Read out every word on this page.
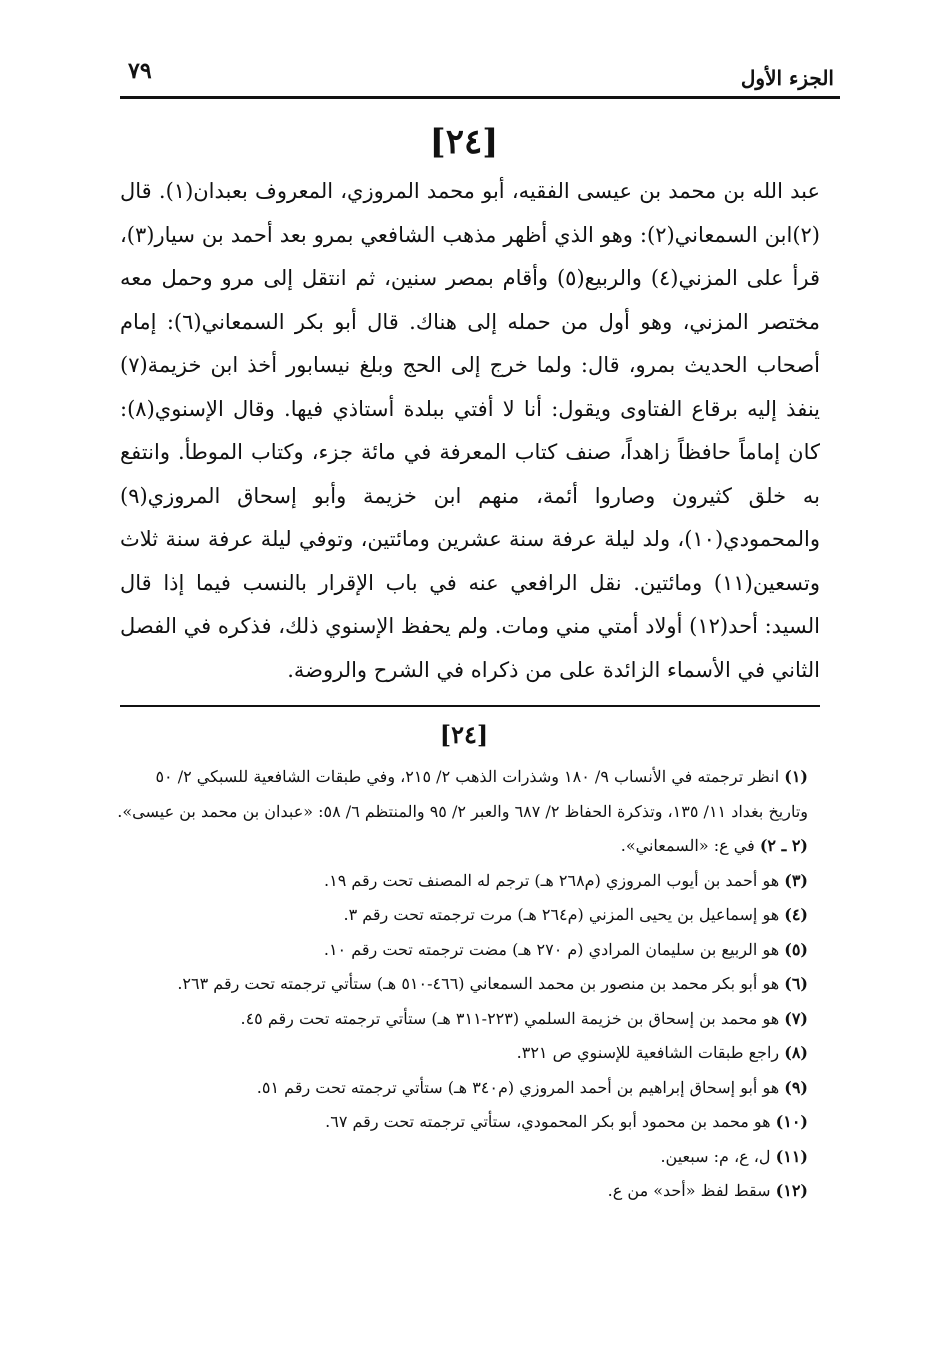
٧٩	الجزء الأول
[٢٤]

عبد الله بن محمد بن عيسى الفقيه، أبو محمد المروزي، المعروف بعبدان(١). قال (٢)ابن السمعاني(٢): وهو الذي أظهر مذهب الشافعي بمرو بعد أحمد بن سيار(٣)، قرأ على المزني(٤) والربيع(٥) وأقام بمصر سنين، ثم انتقل إلى مرو وحمل معه مختصر المزني، وهو أول من حمله إلى هناك. قال أبو بكر السمعاني(٦): إمام أصحاب الحديث بمرو، قال: ولما خرج إلى الحج وبلغ نيسابور أخذ ابن خزيمة(٧) ينفذ إليه برقاع الفتاوى ويقول: أنا لا أفتي ببلدة أستاذي فيها. وقال الإسنوي(٨): كان إماماً حافظاً زاهداً، صنف كتاب المعرفة في مائة جزء، وكتاب الموطأ. وانتفع به خلق كثيرون وصاروا أئمة، منهم ابن خزيمة وأبو إسحاق المروزي(٩) والمحمودي(١٠)، ولد ليلة عرفة سنة عشرين ومائتين، وتوفي ليلة عرفة سنة ثلاث وتسعين(١١) ومائتين. نقل الرافعي عنه في باب الإقرار بالنسب فيما إذا قال السيد: أحد(١٢) أولاد أمتي مني ومات. ولم يحفظ الإسنوي ذلك، فذكره في الفصل الثاني في الأسماء الزائدة على من ذكراه في الشرح والروضة.

[٢٤]

(١) انظر ترجمته في الأنساب ٩/ ١٨٠ وشذرات الذهب ٢/ ٢١٥، وفي طبقات الشافعية للسبكي ٢/ ٥٠ وتاريخ بغداد ١١/ ١٣٥، وتذكرة الحفاظ ٢/ ٦٨٧ والعبر ٢/ ٩٥ والمنتظم ٦/ ٥٨: «عبدان بن محمد بن عيسى».

(٢ ـ ٢) في ع: «السمعاني».

(٣) هو أحمد بن أيوب المروزي (م٢٦٨ هـ) ترجم له المصنف تحت رقم ١٩.

(٤) هو إسماعيل بن يحيى المزني (م٢٦٤ هـ) مرت ترجمته تحت رقم ٣.

(٥) هو الربيع بن سليمان المرادي (م ٢٧٠ هـ) مضت ترجمته تحت رقم ١٠.

(٦) هو أبو بكر محمد بن منصور بن محمد السمعاني (٤٦٦-٥١٠ هـ) ستأتي ترجمته تحت رقم ٢٦٣.

(٧) هو محمد بن إسحاق بن خزيمة السلمي (٢٢٣-٣١١ هـ) ستأتي ترجمته تحت رقم ٤٥.

(٨) راجع طبقات الشافعية للإسنوي ص ٣٢١.

(٩) هو أبو إسحاق إبراهيم بن أحمد المروزي (م٣٤٠ هـ) ستأتي ترجمته تحت رقم ٥١.

(١٠) هو محمد بن محمود أبو بكر المحمودي، ستأتي ترجمته تحت رقم ٦٧.

(١١) ل، ع، م: سبعين.

(١٢) سقط لفظ «أحد» من ع.
